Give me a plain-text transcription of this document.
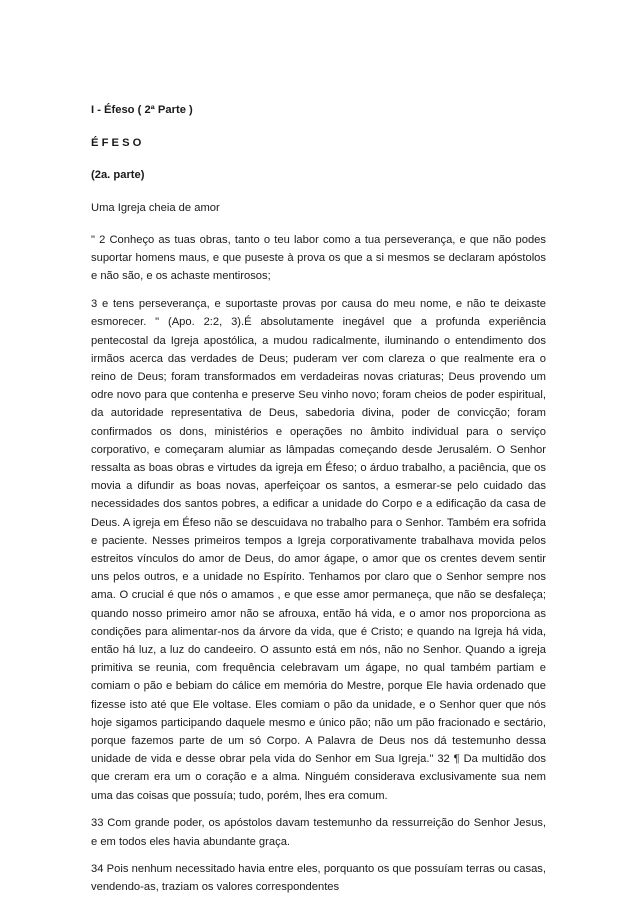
I - Éfeso ( 2ª Parte )

É F E S O

(2a. parte)

Uma Igreja cheia de amor

" 2 Conheço as tuas obras, tanto o teu labor como a tua perseverança, e que não podes suportar homens maus, e que puseste à prova os que a si mesmos se declaram apóstolos e não são, e os achaste mentirosos;

3 e tens perseverança, e suportaste provas por causa do meu nome, e não te deixaste esmorecer. " (Apo. 2:2, 3).É absolutamente inegável que a profunda experiência pentecostal da Igreja apostólica, a mudou radicalmente, iluminando o entendimento dos irmãos acerca das verdades de Deus; puderam ver com clareza o que realmente era o reino de Deus; foram transformados em verdadeiras novas criaturas; Deus provendo um odre novo para que contenha e preserve Seu vinho novo; foram cheios de poder espiritual, da autoridade representativa de Deus, sabedoria divina, poder de convicção; foram confirmados os dons, ministérios e operações no âmbito individual para o serviço corporativo, e começaram alumiar as lâmpadas começando desde Jerusalém. O Senhor ressalta as boas obras e virtudes da igreja em Éfeso; o árduo trabalho, a paciência, que os movia a difundir as boas novas, aperfeiçoar os santos, a esmerar-se pelo cuidado das necessidades dos santos pobres, a edificar a unidade do Corpo e a edificação da casa de Deus. A igreja em Éfeso não se descuidava no trabalho para o Senhor. Também era sofrida e paciente. Nesses primeiros tempos a Igreja corporativamente trabalhava movida pelos estreitos vínculos do amor de Deus, do amor ágape, o amor que os crentes devem sentir uns pelos outros, e a unidade no Espírito. Tenhamos por claro que o Senhor sempre nos ama. O crucial é que nós o amamos , e que esse amor permaneça, que não se desfaleça; quando nosso primeiro amor não se afrouxa, então há vida, e o amor nos proporciona as condições para alimentar-nos da árvore da vida, que é Cristo; e quando na Igreja há vida, então há luz, a luz do candeeiro. O assunto está em nós, não no Senhor. Quando a igreja primitiva se reunia, com frequência celebravam um ágape, no qual também partiam e comiam o pão e bebiam do cálice em memória do Mestre, porque Ele havia ordenado que fizesse isto até que Ele voltase. Eles comiam o pão da unidade, e o Senhor quer que nós hoje sigamos participando daquele mesmo e único pão; não um pão fracionado e sectário, porque fazemos parte de um só Corpo. A Palavra de Deus nos dá testemunho dessa unidade de vida e desse obrar pela vida do Senhor em Sua Igreja." 32 ¶ Da multidão dos que creram era um o coração e a alma. Ninguém considerava exclusivamente sua nem uma das coisas que possuía; tudo, porém, lhes era comum.

33 Com grande poder, os apóstolos davam testemunho da ressurreição do Senhor Jesus, e em todos eles havia abundante graça.

34 Pois nenhum necessitado havia entre eles, porquanto os que possuíam terras ou casas, vendendo-as, traziam os valores correspondentes
